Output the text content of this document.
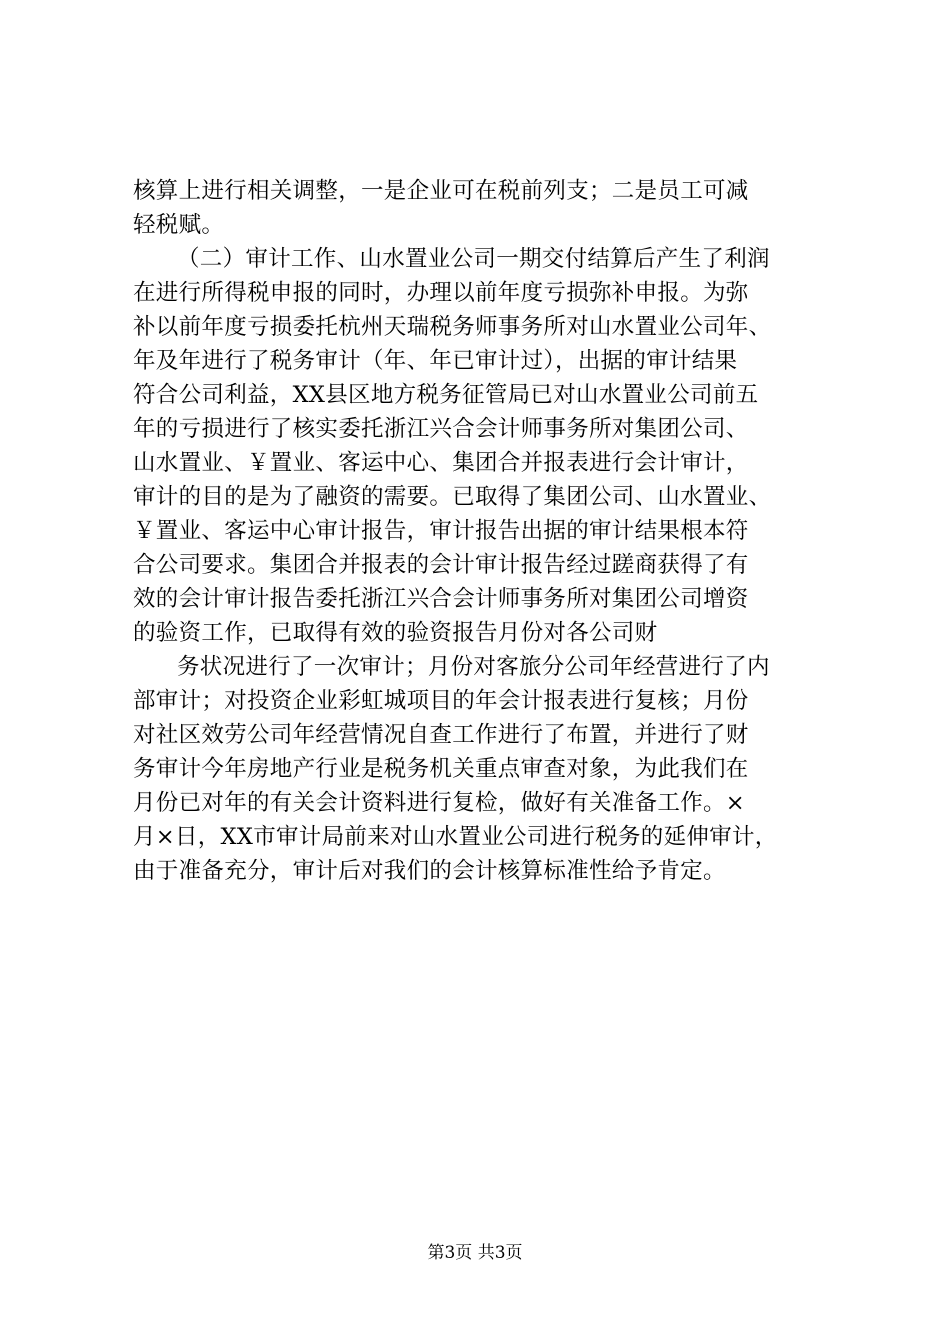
核算上进行相关调整，一是企业可在税前列支；二是员工可减
轻税赋。
（二）审计工作、山水置业公司一期交付结算后产生了利润
在进行所得税申报的同时，办理以前年度亏损弥补申报。为弥
补以前年度亏损委托杭州天瑞税务师事务所对山水置业公司年、
年及年进行了税务审计（年、年已审计过），出据的审计结果
符合公司利益，XX县区地方税务征管局已对山水置业公司前五
年的亏损进行了核实委托浙江兴合会计师事务所对集团公司、
山水置业、￥置业、客运中心、集团合并报表进行会计审计，
审计的目的是为了融资的需要。已取得了集团公司、山水置业、
￥置业、客运中心审计报告，审计报告出据的审计结果根本符
合公司要求。集团合并报表的会计审计报告经过蹉商获得了有
效的会计审计报告委托浙江兴合会计师事务所对集团公司增资
的验资工作，已取得有效的验资报告月份对各公司财
务状况进行了一次审计；月份对客旅分公司年经营进行了内
部审计；对投资企业彩虹城项目的年会计报表进行复核；月份
对社区效劳公司年经营情况自查工作进行了布置，并进行了财
务审计今年房地产行业是税务机关重点审查对象，为此我们在
月份已对年的有关会计资料进行复检，做好有关准备工作。×
月×日，XX市审计局前来对山水置业公司进行税务的延伸审计，
由于准备充分，审计后对我们的会计核算标准性给予肯定。
第3页 共3页
